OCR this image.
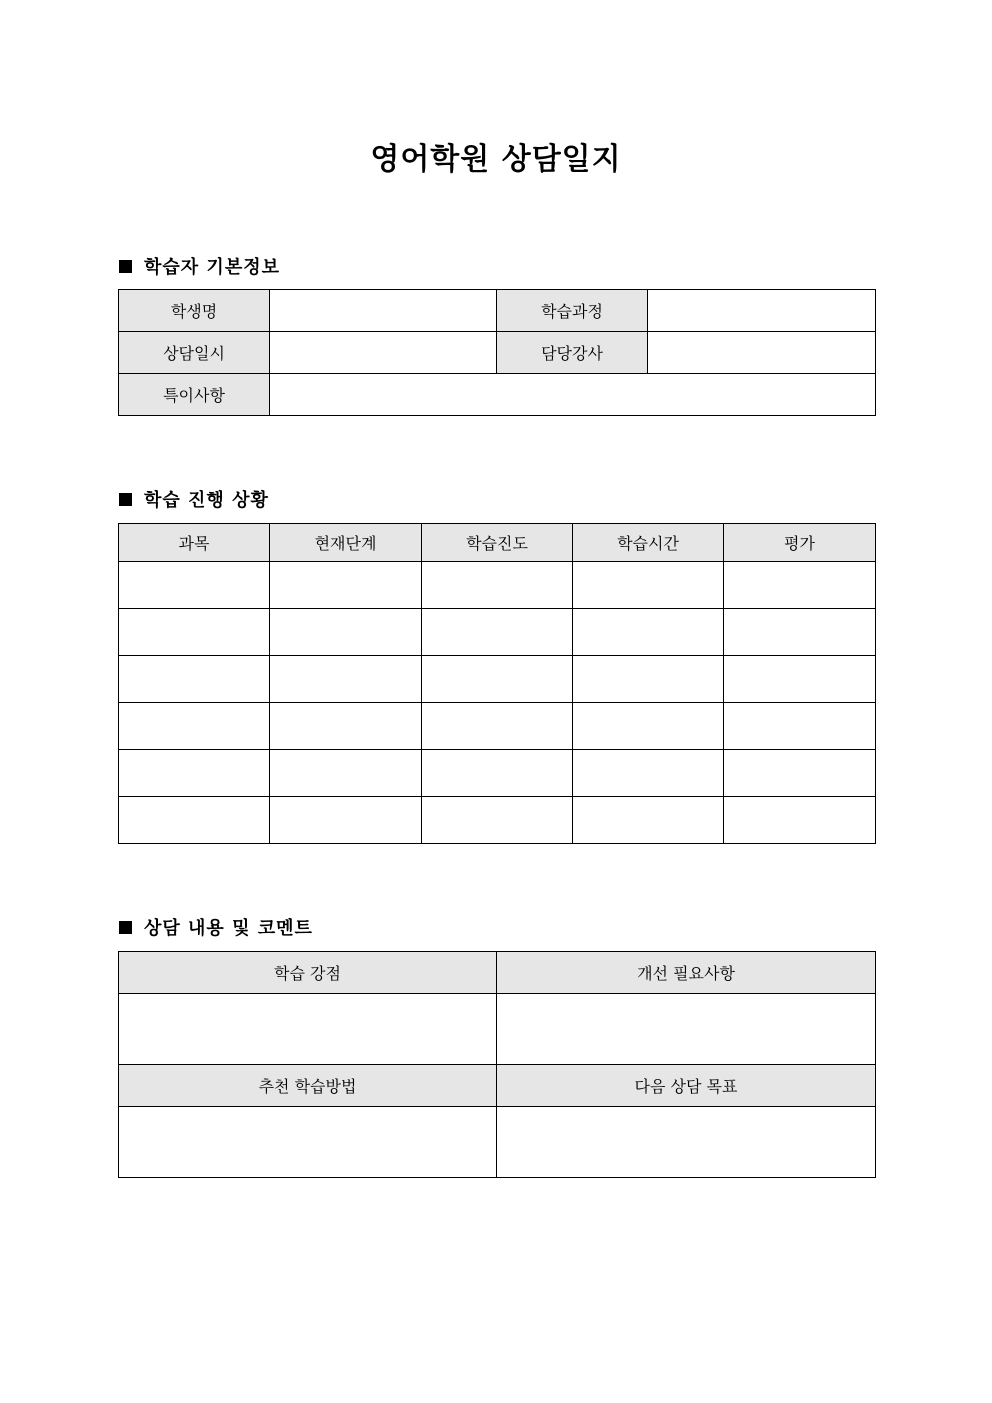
영어학원 상담일지
학습자 기본정보
학생명		학습과정	
상담일시		담당강사	
특이사항			
학습 진행 상황
과목	현재단계	학습진도	학습시간	평가

상담 내용 및 코멘트
학습 강점	개선 필요사항

추천 학습방법	다음 상담 목표
